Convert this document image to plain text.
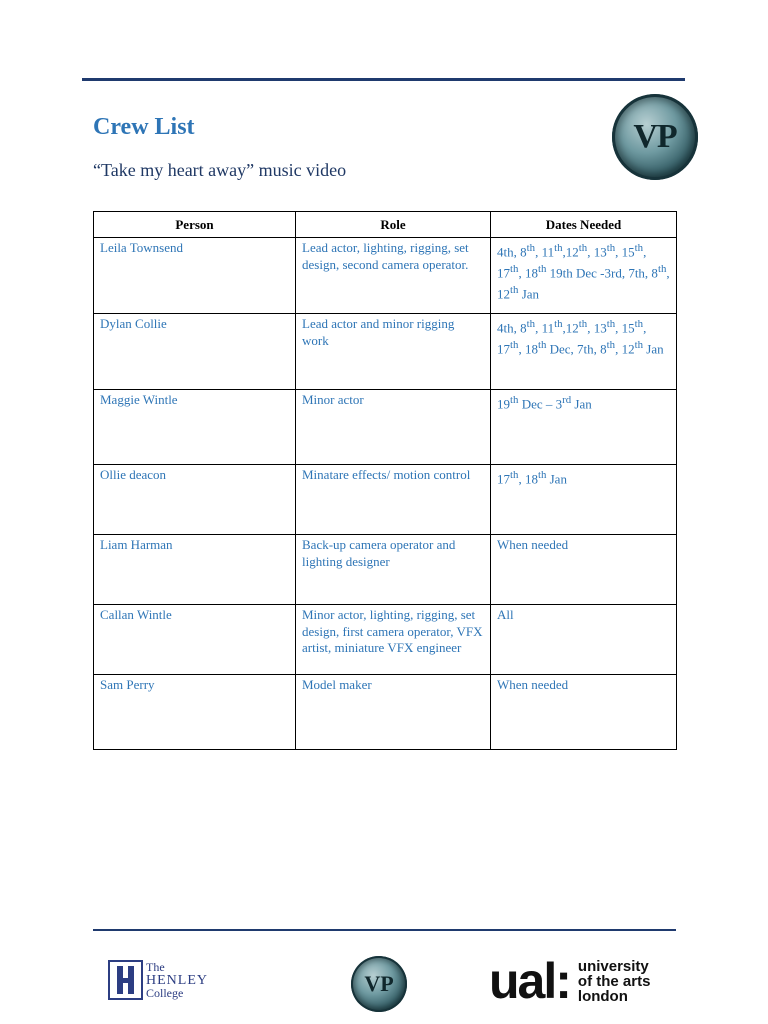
Crew List

“Take my heart away” music video

VP
Person	Role	Dates Needed
Leila Townsend	Lead actor, lighting, rigging, set design, second camera operator.	4th, 8th, 11th,12th, 13th, 15th, 17th, 18th 19th Dec -3rd, 7th, 8th, 12th Jan
Dylan Collie	Lead actor and minor rigging work	4th, 8th, 11th,12th, 13th, 15th, 17th, 18th Dec, 7th, 8th, 12th Jan
Maggie Wintle	Minor actor	19th Dec – 3rd Jan
Ollie deacon	Minatare effects/ motion control	17th, 18th Jan
Liam Harman	Back-up camera operator and lighting designer	When needed
Callan Wintle	Minor actor, lighting, rigging, set design, first camera operator, VFX artist, miniature VFX engineer	All
Sam Perry	Model maker	When needed
The
HENLEY
College	VP ual: university
of the arts
london
